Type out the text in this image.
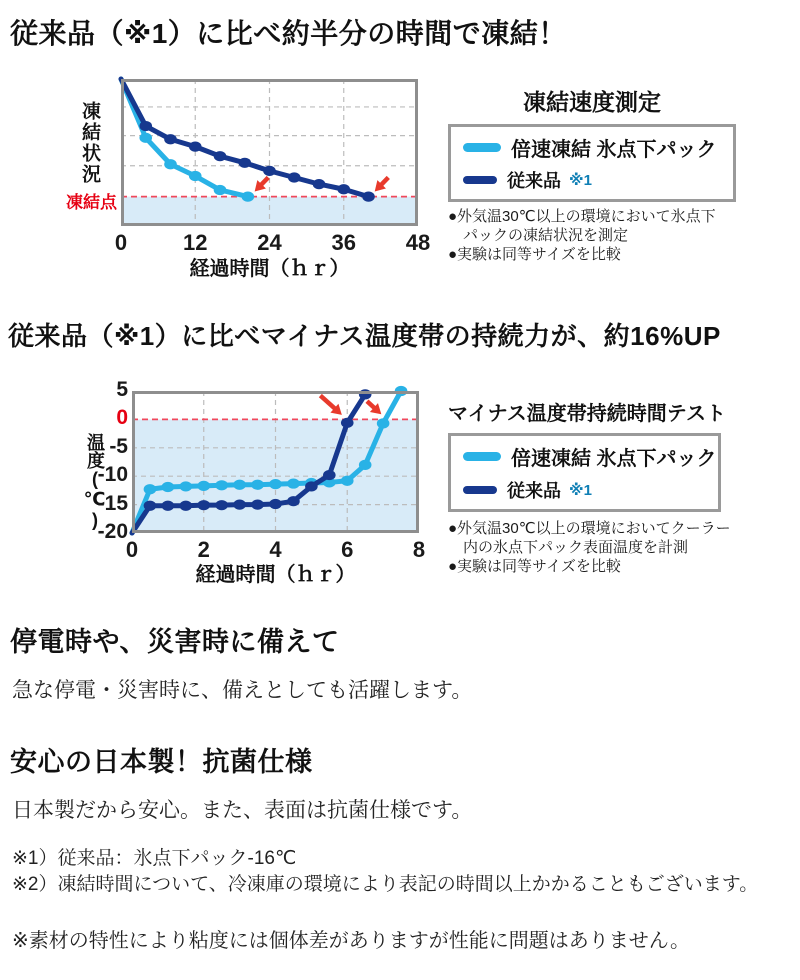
従来品（※1）に比べ約半分の時間で凍結！
凍結状況
凍結点
0	12 24 36 48
経過時間（ｈｒ）
凍結速度測定
倍速凍結 氷点下パック
従来品 ※1
●外気温30℃以上の環境において氷点下
　パックの凍結状況を測定
●実験は同等サイズを比較
従来品（※1）に比べマイナス温度帯の持続力が、約16%UP
温度(℃)
5
0
-5
-10
-15
-20
0	2	4	6	8
経過時間（ｈｒ）
マイナス温度帯持続時間テスト
倍速凍結 氷点下パック
従来品 ※1
●外気温30℃以上の環境においてクーラー
　内の氷点下パック表面温度を計測
●実験は同等サイズを比較
停電時や、災害時に備えて
急な停電・災害時に、備えとしても活躍します。
安心の日本製！抗菌仕様
日本製だから安心。また、表面は抗菌仕様です。
※1）従来品：氷点下パック-16℃
※2）凍結時間について、冷凍庫の環境により表記の時間以上かかることもございます。
※素材の特性により粘度には個体差がありますが性能に問題はありません。
